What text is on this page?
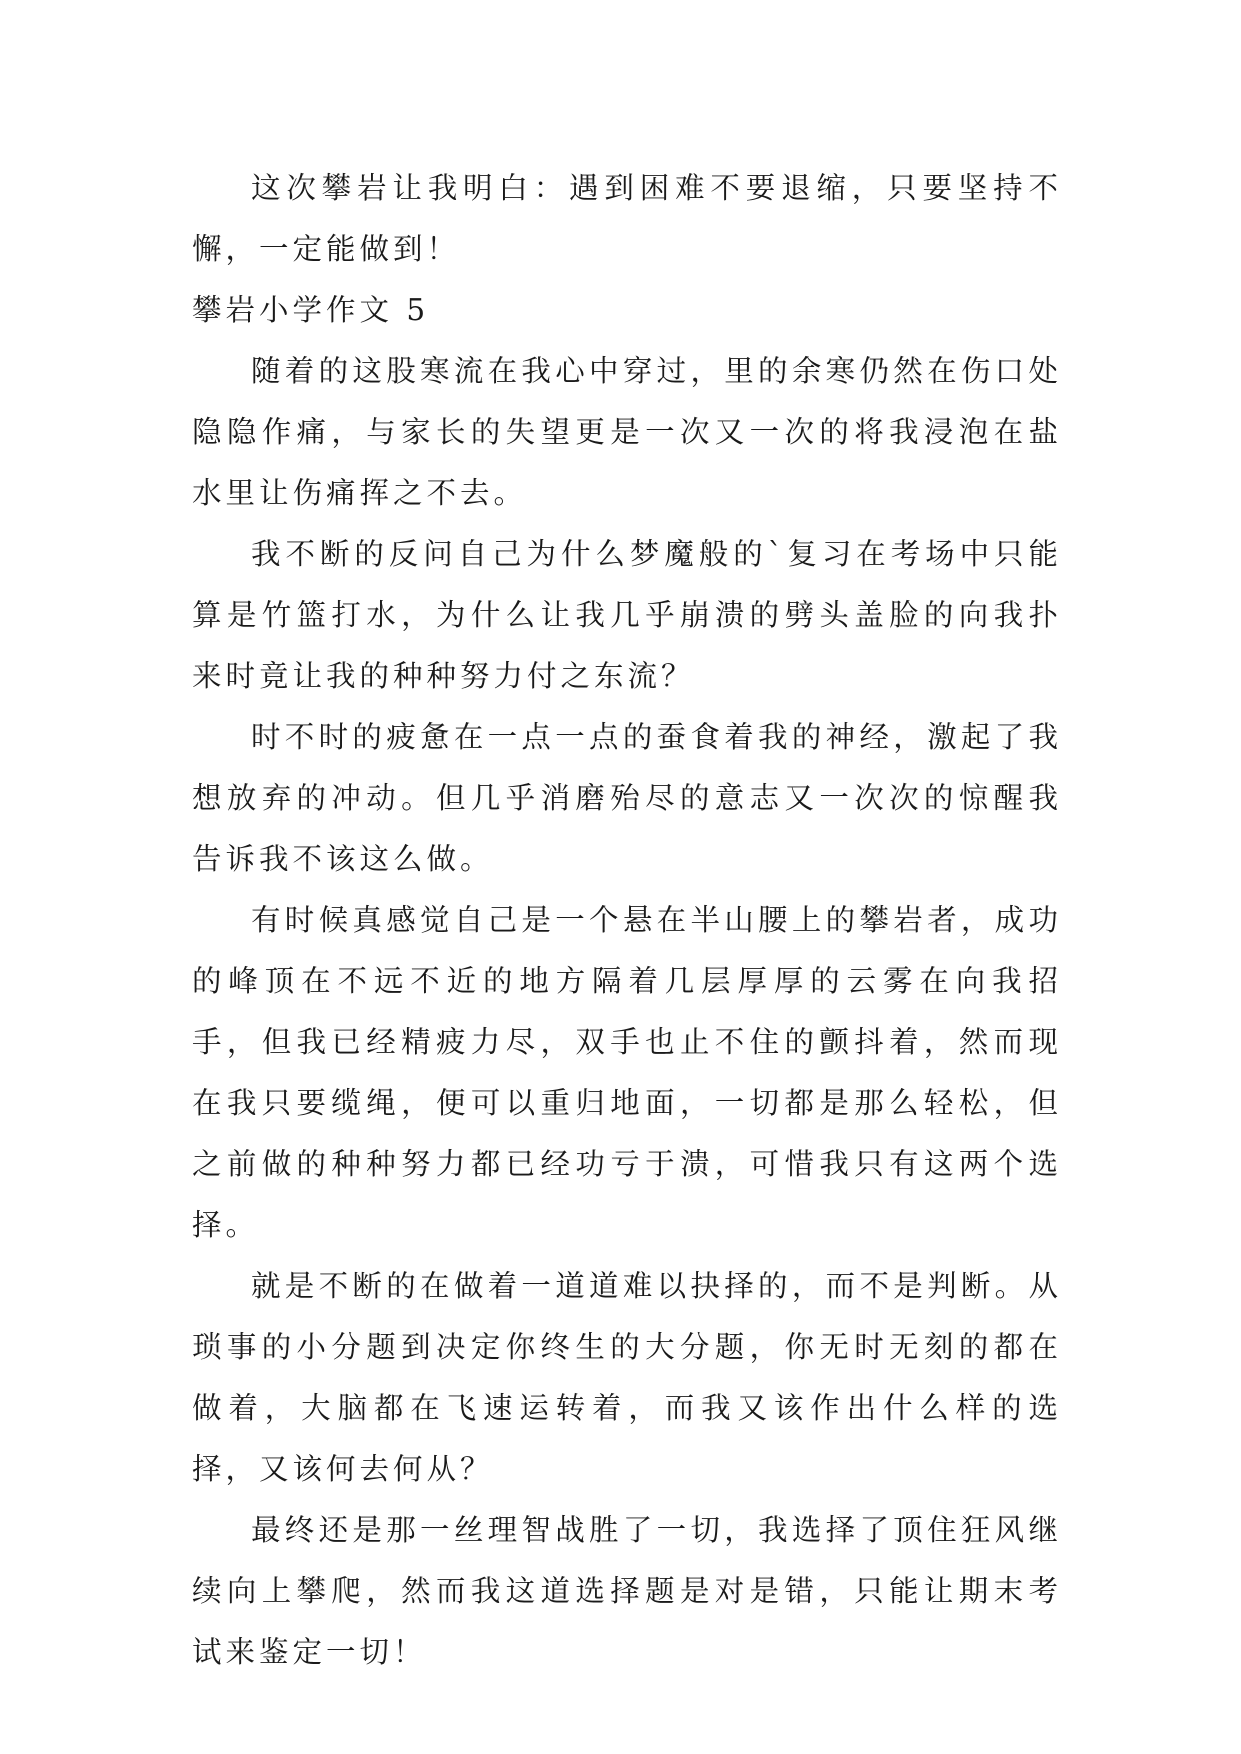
这次攀岩让我明白：遇到困难不要退缩，只要坚持不懈，一定能做到！

攀岩小学作文 5

随着的这股寒流在我心中穿过，里的余寒仍然在伤口处隐隐作痛，与家长的失望更是一次又一次的将我浸泡在盐水里让伤痛挥之不去。

我不断的反问自己为什么梦魔般的`复习在考场中只能算是竹篮打水，为什么让我几乎崩溃的劈头盖脸的向我扑来时竟让我的种种努力付之东流？

时不时的疲惫在一点一点的蚕食着我的神经，激起了我想放弃的冲动。但几乎消磨殆尽的意志又一次次的惊醒我告诉我不该这么做。

有时候真感觉自己是一个悬在半山腰上的攀岩者，成功的峰顶在不远不近的地方隔着几层厚厚的云雾在向我招手，但我已经精疲力尽，双手也止不住的颤抖着，然而现在我只要缆绳，便可以重归地面，一切都是那么轻松，但之前做的种种努力都已经功亏于溃，可惜我只有这两个选择。

就是不断的在做着一道道难以抉择的，而不是判断。从琐事的小分题到决定你终生的大分题，你无时无刻的都在做着，大脑都在飞速运转着，而我又该作出什么样的选择，又该何去何从？

最终还是那一丝理智战胜了一切，我选择了顶住狂风继续向上攀爬，然而我这道选择题是对是错，只能让期末考试来鉴定一切！
